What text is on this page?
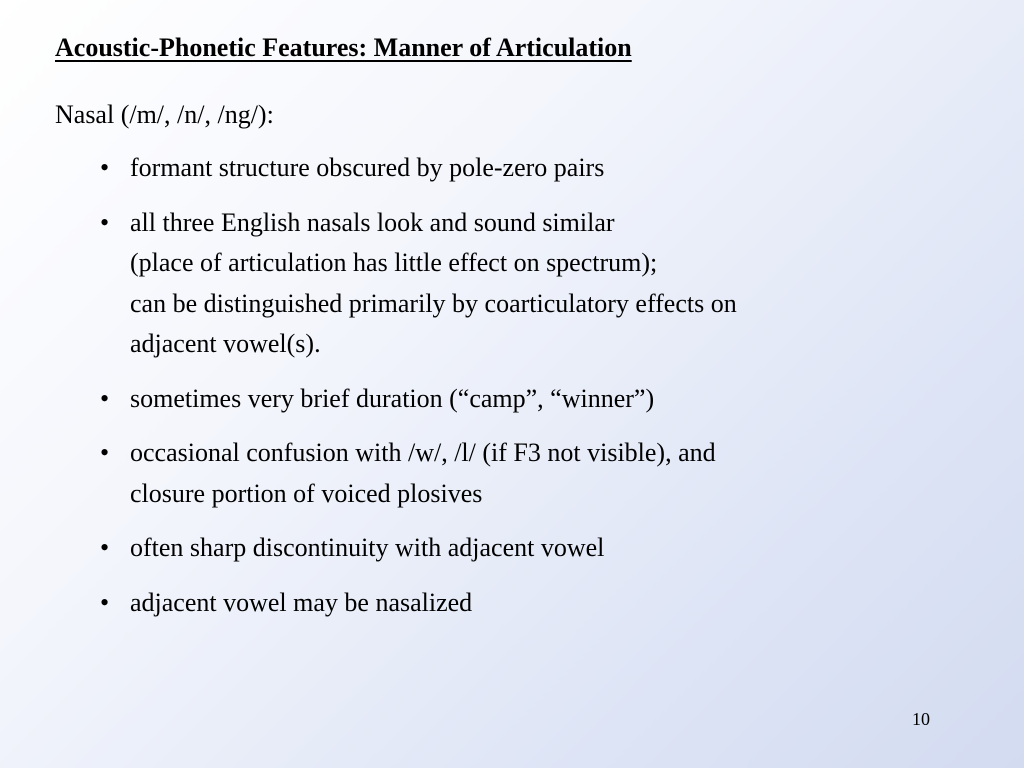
Acoustic-Phonetic Features: Manner of Articulation

Nasal (/m/, /n/, /ng/):

• formant structure obscured by pole-zero pairs
• all three English nasals look and sound similar
(place of articulation has little effect on spectrum);
can be distinguished primarily by coarticulatory effects on
adjacent vowel(s).
• sometimes very brief duration (“camp”, “winner”)
• occasional confusion with /w/, /l/ (if F3 not visible), and
closure portion of voiced plosives
• often sharp discontinuity with adjacent vowel
• adjacent vowel may be nasalized
10
